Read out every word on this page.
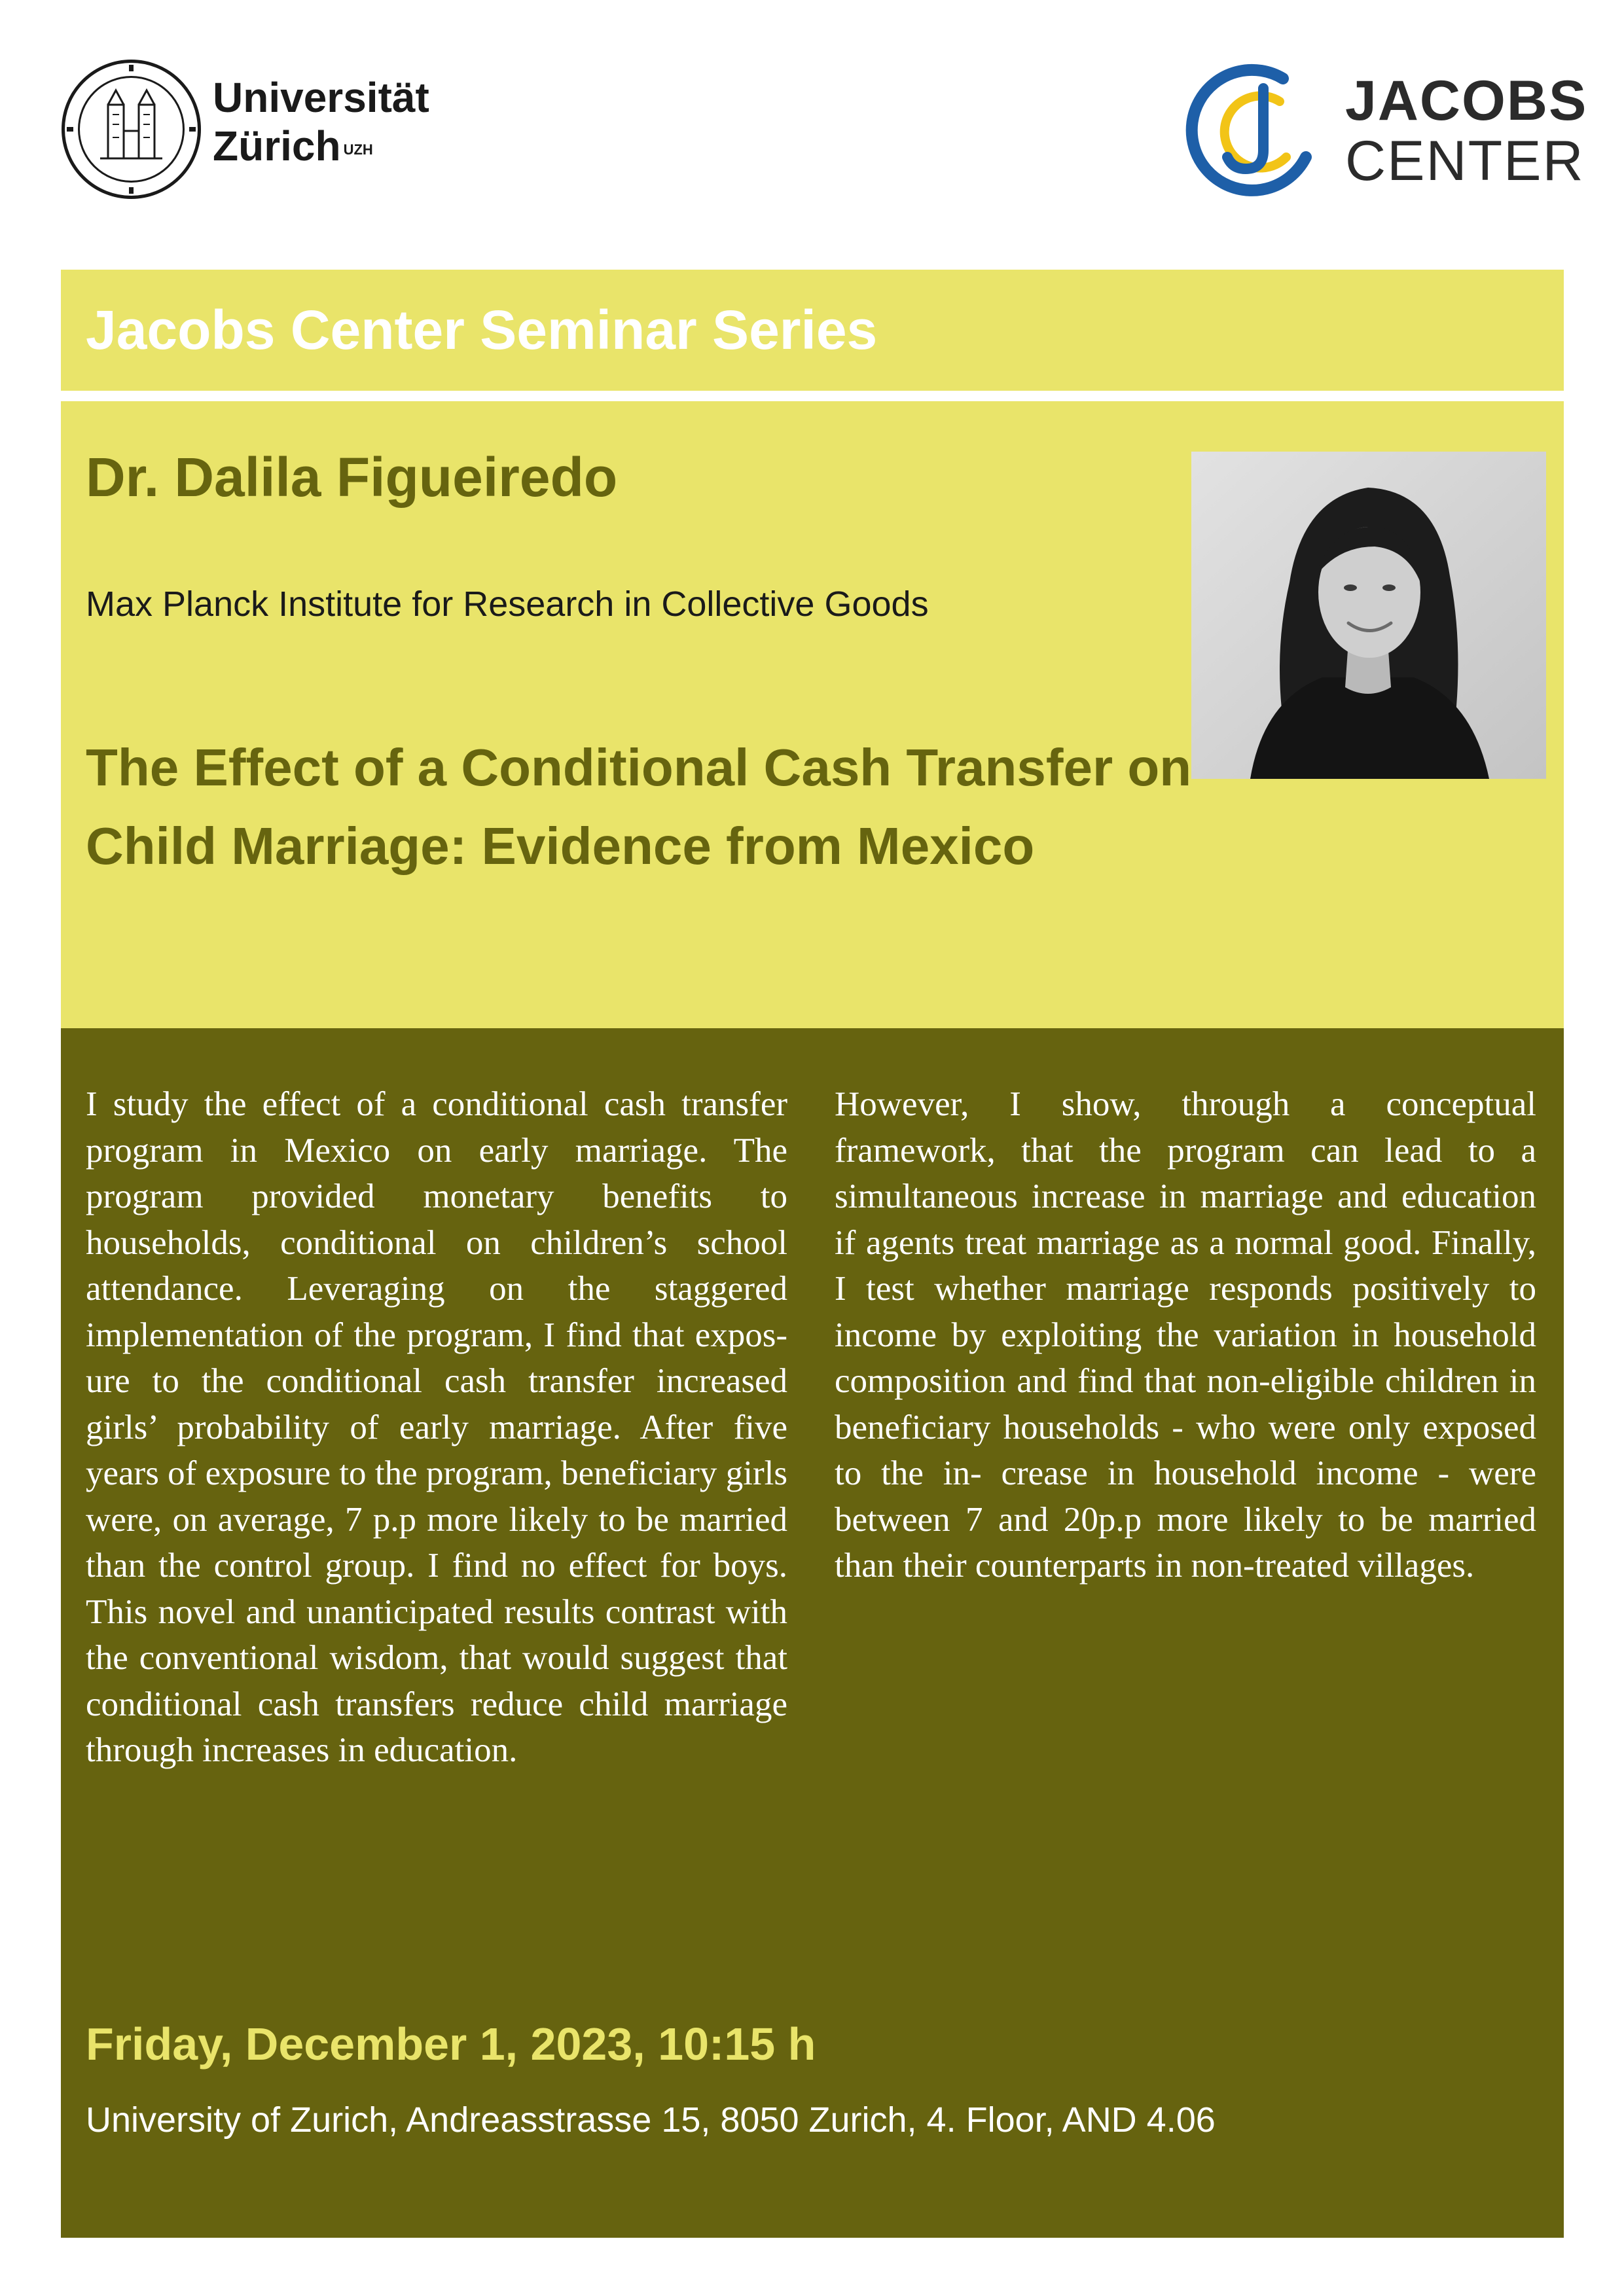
Universität
Zürich $^{UZH}$
JACOBS
CENTER
Jacobs Center Seminar Series
Dr. Dalila Figueiredo
Max Planck Institute for Research in Collective Goods
The Effect of a Conditional Cash Transfer on Child Marriage: Evidence from Mexico
I study the effect of a conditional cash transfer program in Mexico on early marriage. The program provided monetary benefits to households, conditional on children’s school attendance. Leveraging on the staggered implementation of the program, I find that expos- ure to the conditional cash transfer increased girls’ probability of early marriage. After five years of exposure to the program, beneficiary girls were, on average, 7 p.p more likely to be married than the control group. I find no effect for boys. This novel and unanticipated results contrast with the conventional wisdom, that would suggest that conditional cash transfers reduce child marriage through increases in education.
However, I show, through a conceptual framework, that the program can lead to a simultaneous increase in marriage and education if agents treat marriage as a normal good. Finally, I test whether marriage responds positively to income by exploiting the variation in household composition and find that non-eligible children in beneficiary households - who were only exposed to the in- crease in household income - were between 7 and 20p.p more likely to be married than their counterparts in non-treated villages.
Friday, December 1, 2023, 10:15 h
University of Zurich, Andreasstrasse 15, 8050 Zurich, 4. Floor, AND 4.06
